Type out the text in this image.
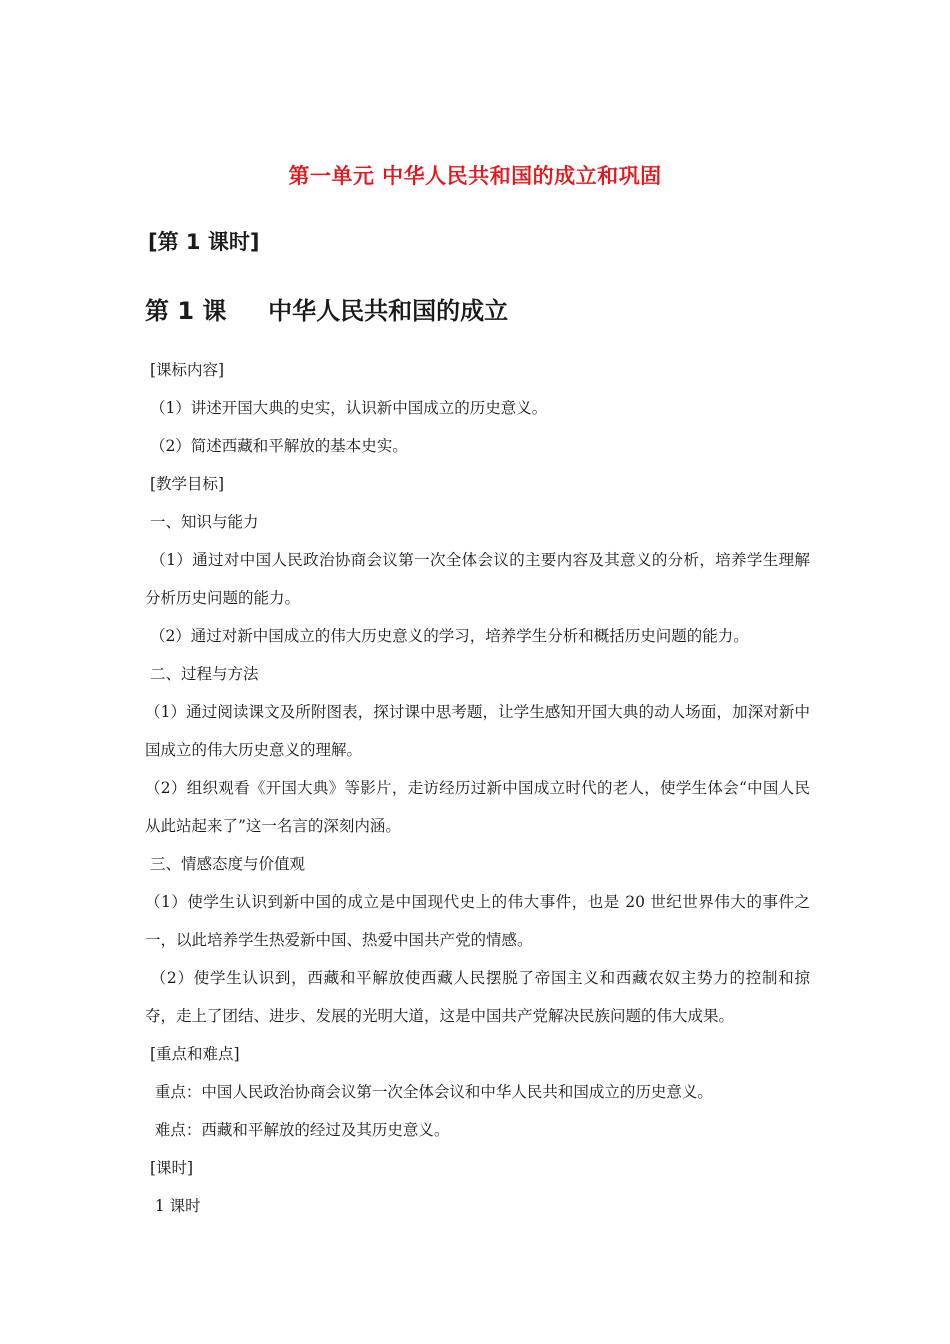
第一单元 中华人民共和国的成立和巩固
[第 1 课时]
第 1 课     中华人民共和国的成立

[课标内容]

（1）讲述开国大典的史实，认识新中国成立的历史意义。

（2）简述西藏和平解放的基本史实。

[教学目标]

一、知识与能力

（1）通过对中国人民政治协商会议第一次全体会议的主要内容及其意义的分析，培养学生理解分析历史问题的能力。

（2）通过对新中国成立的伟大历史意义的学习，培养学生分析和概括历史问题的能力。

二、过程与方法

（1）通过阅读课文及所附图表，探讨课中思考题，让学生感知开国大典的动人场面，加深对新中国成立的伟大历史意义的理解。

（2）组织观看《开国大典》等影片，走访经历过新中国成立时代的老人，使学生体会“中国人民从此站起来了”这一名言的深刻内涵。

三、情感态度与价值观

（1）使学生认识到新中国的成立是中国现代史上的伟大事件，也是 20 世纪世界伟大的事件之一，以此培养学生热爱新中国、热爱中国共产党的情感。

（2）使学生认识到，西藏和平解放使西藏人民摆脱了帝国主义和西藏农奴主势力的控制和掠夺，走上了团结、进步、发展的光明大道，这是中国共产党解决民族问题的伟大成果。

[重点和难点]

重点：中国人民政治协商会议第一次全体会议和中华人民共和国成立的历史意义。

难点：西藏和平解放的经过及其历史意义。

[课时]

1 课时
